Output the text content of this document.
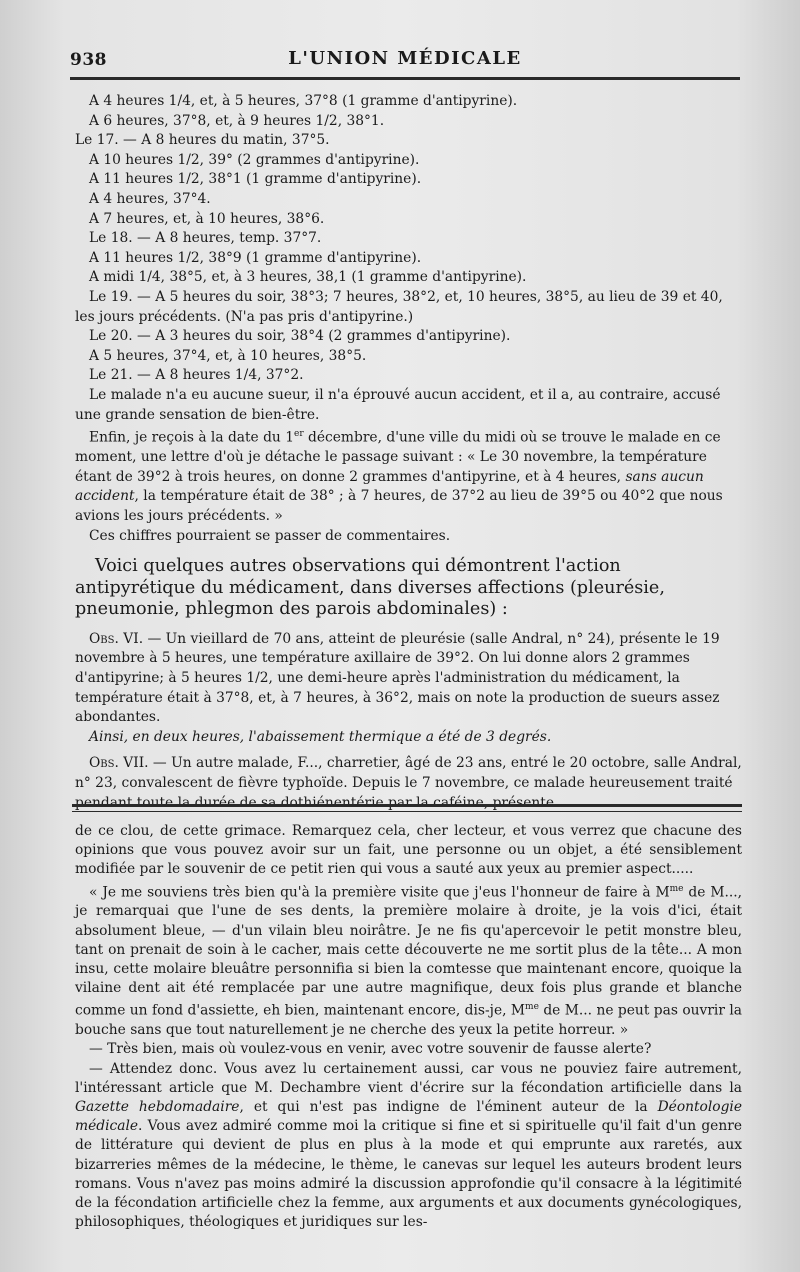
938	L'UNION MÉDICALE

A 4 heures 1/4, et, à 5 heures, 37°8 (1 gramme d'antipyrine).

A 6 heures, 37°8, et, à 9 heures 1/2, 38°1.

Le 17. — A 8 heures du matin, 37°5.

A 10 heures 1/2, 39° (2 grammes d'antipyrine).

A 11 heures 1/2, 38°1 (1 gramme d'antipyrine).

A 4 heures, 37°4.

A 7 heures, et, à 10 heures, 38°6.

Le 18. — A 8 heures, temp. 37°7.

A 11 heures 1/2, 38°9 (1 gramme d'antipyrine).

A midi 1/4, 38°5, et, à 3 heures, 38,1 (1 gramme d'antipyrine).

Le 19. — A 5 heures du soir, 38°3; 7 heures, 38°2, et, 10 heures, 38°5, au lieu de 39 et 40, les jours précédents. (N'a pas pris d'antipyrine.)

Le 20. — A 3 heures du soir, 38°4 (2 grammes d'antipyrine).

A 5 heures, 37°4, et, à 10 heures, 38°5.

Le 21. — A 8 heures 1/4, 37°2.

Le malade n'a eu aucune sueur, il n'a éprouvé aucun accident, et il a, au contraire, accusé une grande sensation de bien-être.

Enfin, je reçois à la date du 1er décembre, d'une ville du midi où se trouve le malade en ce moment, une lettre d'où je détache le passage suivant : « Le 30 novembre, la température étant de 39°2 à trois heures, on donne 2 grammes d'antipyrine, et à 4 heures, sans aucun accident, la température était de 38° ; à 7 heures, de 37°2 au lieu de 39°5 ou 40°2 que nous avions les jours précédents. »

Ces chiffres pourraient se passer de commentaires.

Voici quelques autres observations qui démontrent l'action antipyrétique du médicament, dans diverses affections (pleurésie, pneumonie, phlegmon des parois abdominales) :

Obs. VI. — Un vieillard de 70 ans, atteint de pleurésie (salle Andral, n° 24), présente le 19 novembre à 5 heures, une température axillaire de 39°2. On lui donne alors 2 grammes d'antipyrine; à 5 heures 1/2, une demi-heure après l'administration du médicament, la température était à 37°8, et, à 7 heures, à 36°2, mais on note la production de sueurs assez abondantes.

Ainsi, en deux heures, l'abaissement thermique a été de 3 degrés.

Obs. VII. — Un autre malade, F..., charretier, âgé de 23 ans, entré le 20 octobre, salle Andral, n° 23, convalescent de fièvre typhoïde. Depuis le 7 novembre, ce malade heureusement traité pendant toute la durée de sa dothiénentérie par la caféine, présente

de ce clou, de cette grimace. Remarquez cela, cher lecteur, et vous verrez que chacune des opinions que vous pouvez avoir sur un fait, une personne ou un objet, a été sensiblement modifiée par le souvenir de ce petit rien qui vous a sauté aux yeux au premier aspect.....

« Je me souviens très bien qu'à la première visite que j'eus l'honneur de faire à $M^{me}$ de M..., je remarquai que l'une de ses dents, la première molaire à droite, je la vois d'ici, était absolument bleue, — d'un vilain bleu noirâtre. Je ne fis qu'apercevoir le petit monstre bleu, tant on prenait de soin à le cacher, mais cette découverte ne me sortit plus de la tête... A mon insu, cette molaire bleuâtre personnifia si bien la comtesse que maintenant encore, quoique la vilaine dent ait été remplacée par une autre magnifique, deux fois plus grande et blanche comme un fond d'assiette, eh bien, maintenant encore, dis-je, $M^{me}$ de M... ne peut pas ouvrir la bouche sans que tout naturellement je ne cherche des yeux la petite horreur. »

— Très bien, mais où voulez-vous en venir, avec votre souvenir de fausse alerte?

— Attendez donc. Vous avez lu certainement aussi, car vous ne pouviez faire autrement, l'intéressant article que M. Dechambre vient d'écrire sur la fécondation artificielle dans la Gazette hebdomadaire, et qui n'est pas indigne de l'éminent auteur de la Déontologie médicale. Vous avez admiré comme moi la critique si fine et si spirituelle qu'il fait d'un genre de littérature qui devient de plus en plus à la mode et qui emprunte aux raretés, aux bizarreries mêmes de la médecine, le thème, le canevas sur lequel les auteurs brodent leurs romans. Vous n'avez pas moins admiré la discussion approfondie qu'il consacre à la légitimité de la fécondation artificielle chez la femme, aux arguments et aux documents gynécologiques, philosophiques, théologiques et juridiques sur les-
